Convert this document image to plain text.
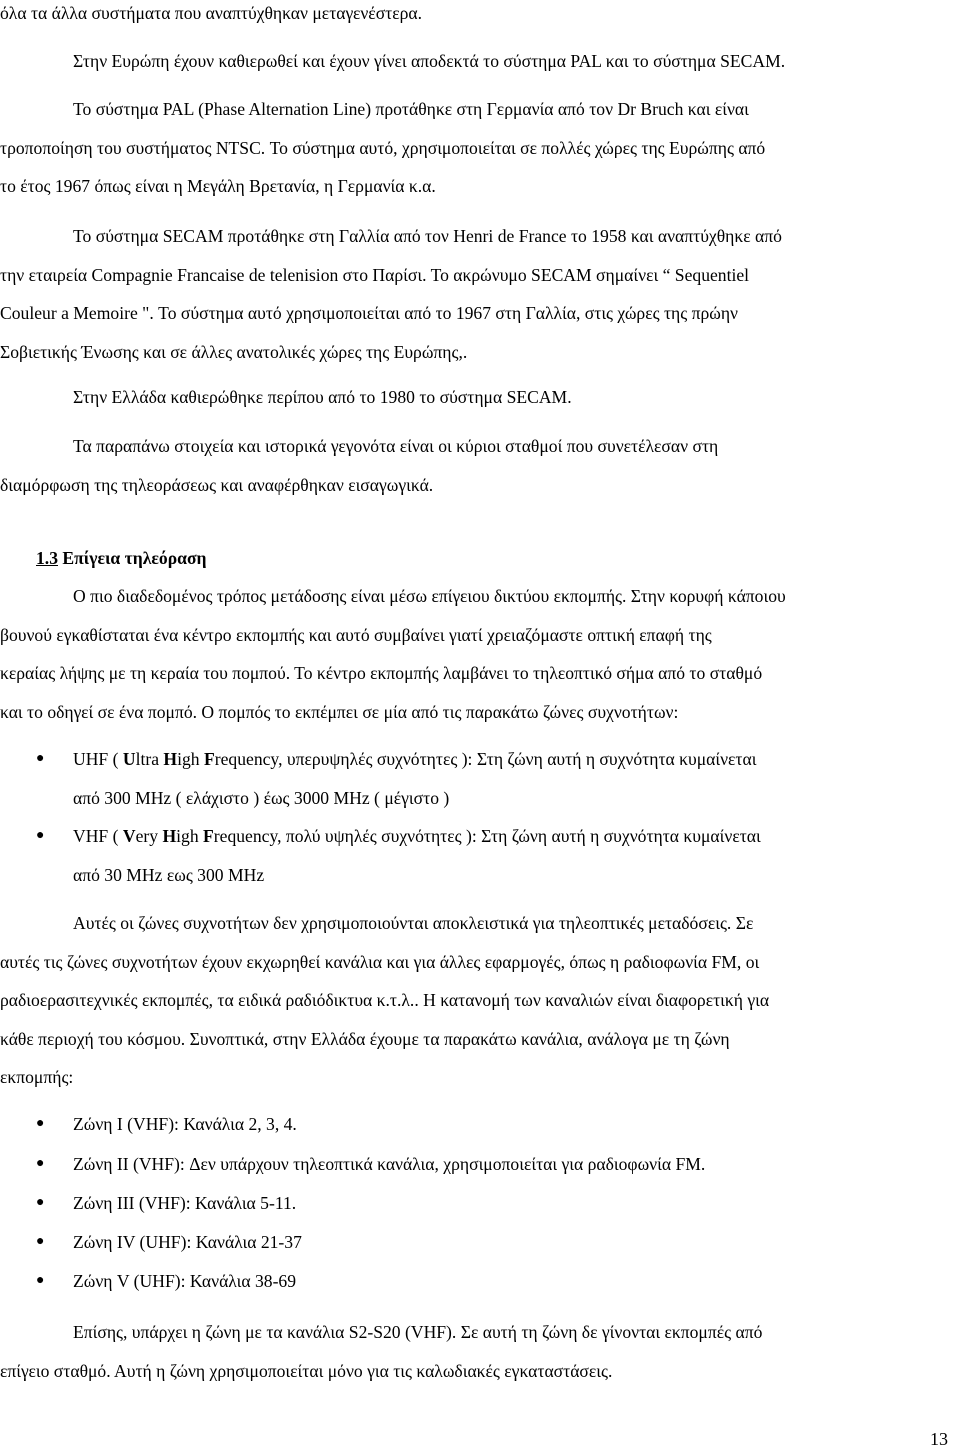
όλα τα άλλα συστήματα που αναπτύχθηκαν μεταγενέστερα.
Στην Ευρώπη έχουν καθιερωθεί και έχουν γίνει αποδεκτά το σύστημα PAL και το σύστημα SECAM.
Το σύστημα PAL (Phase Alternation Line) προτάθηκε στη Γερμανία από τον Dr Bruch και είναι
τροποποίηση του συστήματος NTSC. Το σύστημα αυτό, χρησιμοποιείται σε πολλές χώρες της Ευρώπης από
το έτος 1967 όπως είναι η Μεγάλη Βρετανία, η Γερμανία κ.α.
Το σύστημα SECAM προτάθηκε στη Γαλλία από τον Henri de France το 1958 και αναπτύχθηκε από
την εταιρεία Compagnie Francaise de telenision στο Παρίσι. Το ακρώνυμο SECAM σημαίνει “ Sequentiel
Couleur a Memoire ". Το σύστημα αυτό χρησιμοποιείται από το 1967 στη Γαλλία, στις χώρες της πρώην
Σοβιετικής Ένωσης και σε άλλες ανατολικές χώρες της Ευρώπης,.
Στην Ελλάδα καθιερώθηκε περίπου από το 1980 το σύστημα SECAM.
Τα παραπάνω στοιχεία και ιστορικά γεγονότα είναι οι κύριοι σταθμοί που συνετέλεσαν στη
διαμόρφωση της τηλεοράσεως και αναφέρθηκαν εισαγωγικά.
1.3 Επίγεια τηλεόραση
Ο πιο διαδεδομένος τρόπος μετάδοσης είναι μέσω επίγειου δικτύου εκπομπής. Στην κορυφή κάποιου
βουνού εγκαθίσταται ένα κέντρο εκπομπής και αυτό συμβαίνει γιατί χρειαζόμαστε οπτική επαφή της
κεραίας λήψης με τη κεραία του πομπού. Το κέντρο εκπομπής λαμβάνει το τηλεοπτικό σήμα από το σταθμό
και το οδηγεί σε ένα πομπό. Ο πομπός το εκπέμπει σε μία από τις παρακάτω ζώνες συχνοτήτων:
● UHF ( Ultra High Frequency, υπερυψηλές συχνότητες ): Στη ζώνη αυτή η συχνότητα κυμαίνεται
από 300 MHz ( ελάχιστο ) έως 3000 MHz ( μέγιστο )
● VHF ( Very High Frequency, πολύ υψηλές συχνότητες ): Στη ζώνη αυτή η συχνότητα κυμαίνεται
από 30 MHz εως 300 MHz
Αυτές οι ζώνες συχνοτήτων δεν χρησιμοποιούνται αποκλειστικά για τηλεοπτικές μεταδόσεις. Σε
αυτές τις ζώνες συχνοτήτων έχουν εκχωρηθεί κανάλια και για άλλες εφαρμογές, όπως η ραδιοφωνία FM, οι
ραδιοερασιτεχνικές εκπομπές, τα ειδικά ραδιόδικτυα κ.τ.λ.. Η κατανομή των καναλιών είναι διαφορετική για
κάθε περιοχή του κόσμου. Συνοπτικά, στην Ελλάδα έχουμε τα παρακάτω κανάλια, ανάλογα με τη ζώνη
εκπομπής:
● Ζώνη I (VHF): Κανάλια 2, 3, 4.
● Ζώνη II (VHF): Δεν υπάρχουν τηλεοπτικά κανάλια, χρησιμοποιείται για ραδιοφωνία FM.
● Ζώνη III (VHF): Κανάλια 5-11.
● Ζώνη IV (UHF): Κανάλια 21-37
● Ζώνη V (UHF): Κανάλια 38-69
Επίσης, υπάρχει η ζώνη με τα κανάλια S2-S20 (VHF). Σε αυτή τη ζώνη δε γίνονται εκπομπές από
επίγειο σταθμό. Αυτή η ζώνη χρησιμοποιείται μόνο για τις καλωδιακές εγκαταστάσεις.
13
